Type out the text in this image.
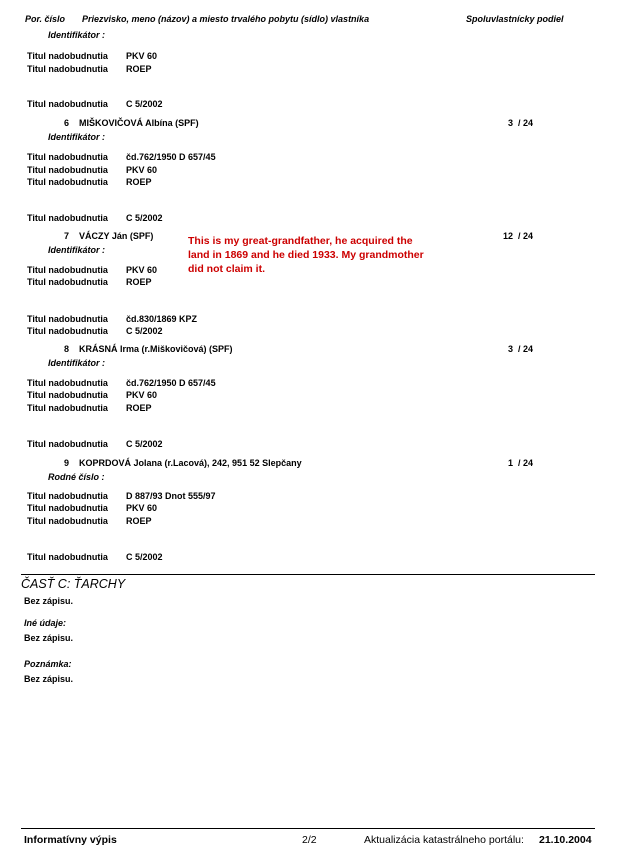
Por. číslo Priezvisko, meno (názov) a miesto trvalého pobytu (sídlo) vlastníka	Spoluvlastnícky podiel
Identifikátor :
Titul nadobudnutia PKV 60
Titul nadobudnutia ROEP
Titul nadobudnutia C 5/2002
6 MIŠKOVIČOVÁ Albína (SPF)	3 / 24
Identifikátor :
Titul nadobudnutia čd.762/1950 D 657/45
Titul nadobudnutia PKV 60
Titul nadobudnutia ROEP
Titul nadobudnutia C 5/2002
7 VÁCZY Ján (SPF)	12 / 24
Identifikátor :
This is my great-grandfather, he acquired the land in 1869 and he died 1933. My grandmother did not claim it.
Titul nadobudnutia PKV 60
Titul nadobudnutia ROEP
Titul nadobudnutia čd.830/1869 KPZ
Titul nadobudnutia C 5/2002
8 KRÁSNÁ Irma (r.Miškovičová) (SPF)	3 / 24
Identifikátor :
Titul nadobudnutia čd.762/1950 D 657/45
Titul nadobudnutia PKV 60
Titul nadobudnutia ROEP
Titul nadobudnutia C 5/2002
9 KOPRDOVÁ Jolana (r.Lacová), 242, 951 52 Slepčany	1 / 24
Rodné číslo :
Titul nadobudnutia D 887/93 Dnot 555/97
Titul nadobudnutia PKV 60
Titul nadobudnutia ROEP
Titul nadobudnutia C 5/2002
ČASŤ C: ŤARCHY
Bez zápisu.
Iné údaje:
Bez zápisu.
Poznámka:
Bez zápisu.
Informatívny výpis	2/2	Aktualizácia katastrálneho portálu: 21.10.2004
